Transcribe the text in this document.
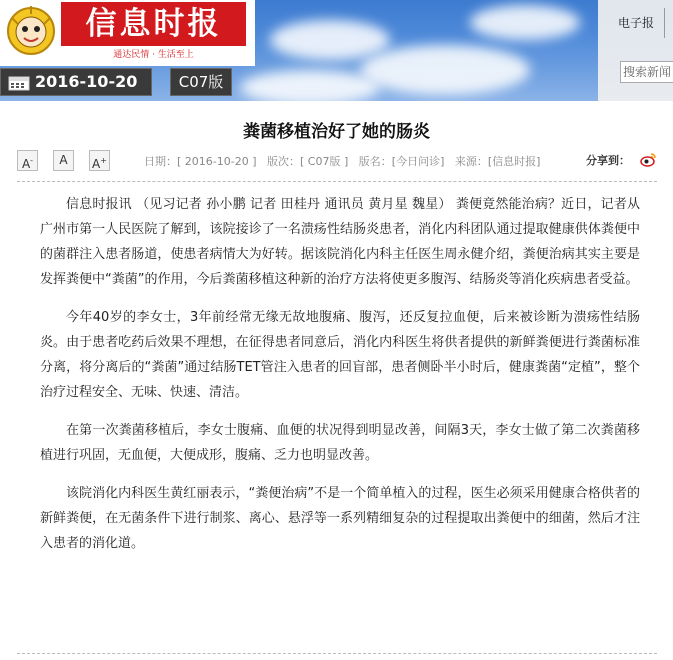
信息时报
通达民情 · 生活至上
2016-10-20	C07版
电子报
搜索新闻
粪菌移植治好了她的肠炎
A-	A	A+	日期：[ 2016-10-20 ] 版次：[ C07版 ] 版名：[今日问诊] 来源：[信息时报]	分享到：

信息时报讯 （见习记者 孙小鹏 记者 田桂丹 通讯员 黄月星 魏星） 粪便竟然能治病？近日，记者从广州市第一人民医院了解到，该院接诊了一名溃疡性结肠炎患者，消化内科团队通过提取健康供体粪便中的菌群注入患者肠道，使患者病情大为好转。据该院消化内科主任医生周永健介绍，粪便治病其实主要是发挥粪便中“粪菌”的作用，今后粪菌移植这种新的治疗方法将使更多腹泻、结肠炎等消化疾病患者受益。

今年40岁的李女士，3年前经常无缘无故地腹痛、腹泻，还反复拉血便，后来被诊断为溃疡性结肠炎。由于患者吃药后效果不理想，在征得患者同意后，消化内科医生将供者提供的新鲜粪便进行粪菌标准分离，将分离后的“粪菌”通过结肠TET管注入患者的回盲部，患者侧卧半小时后，健康粪菌“定植”，整个治疗过程安全、无味、快速、清洁。

在第一次粪菌移植后，李女士腹痛、血便的状况得到明显改善，间隔3天，李女士做了第二次粪菌移植进行巩固，无血便，大便成形，腹痛、乏力也明显改善。

该院消化内科医生黄红丽表示，“粪便治病”不是一个简单植入的过程，医生必须采用健康合格供者的新鲜粪便，在无菌条件下进行制浆、离心、悬浮等一系列精细复杂的过程提取出粪便中的细菌，然后才注入患者的消化道。
